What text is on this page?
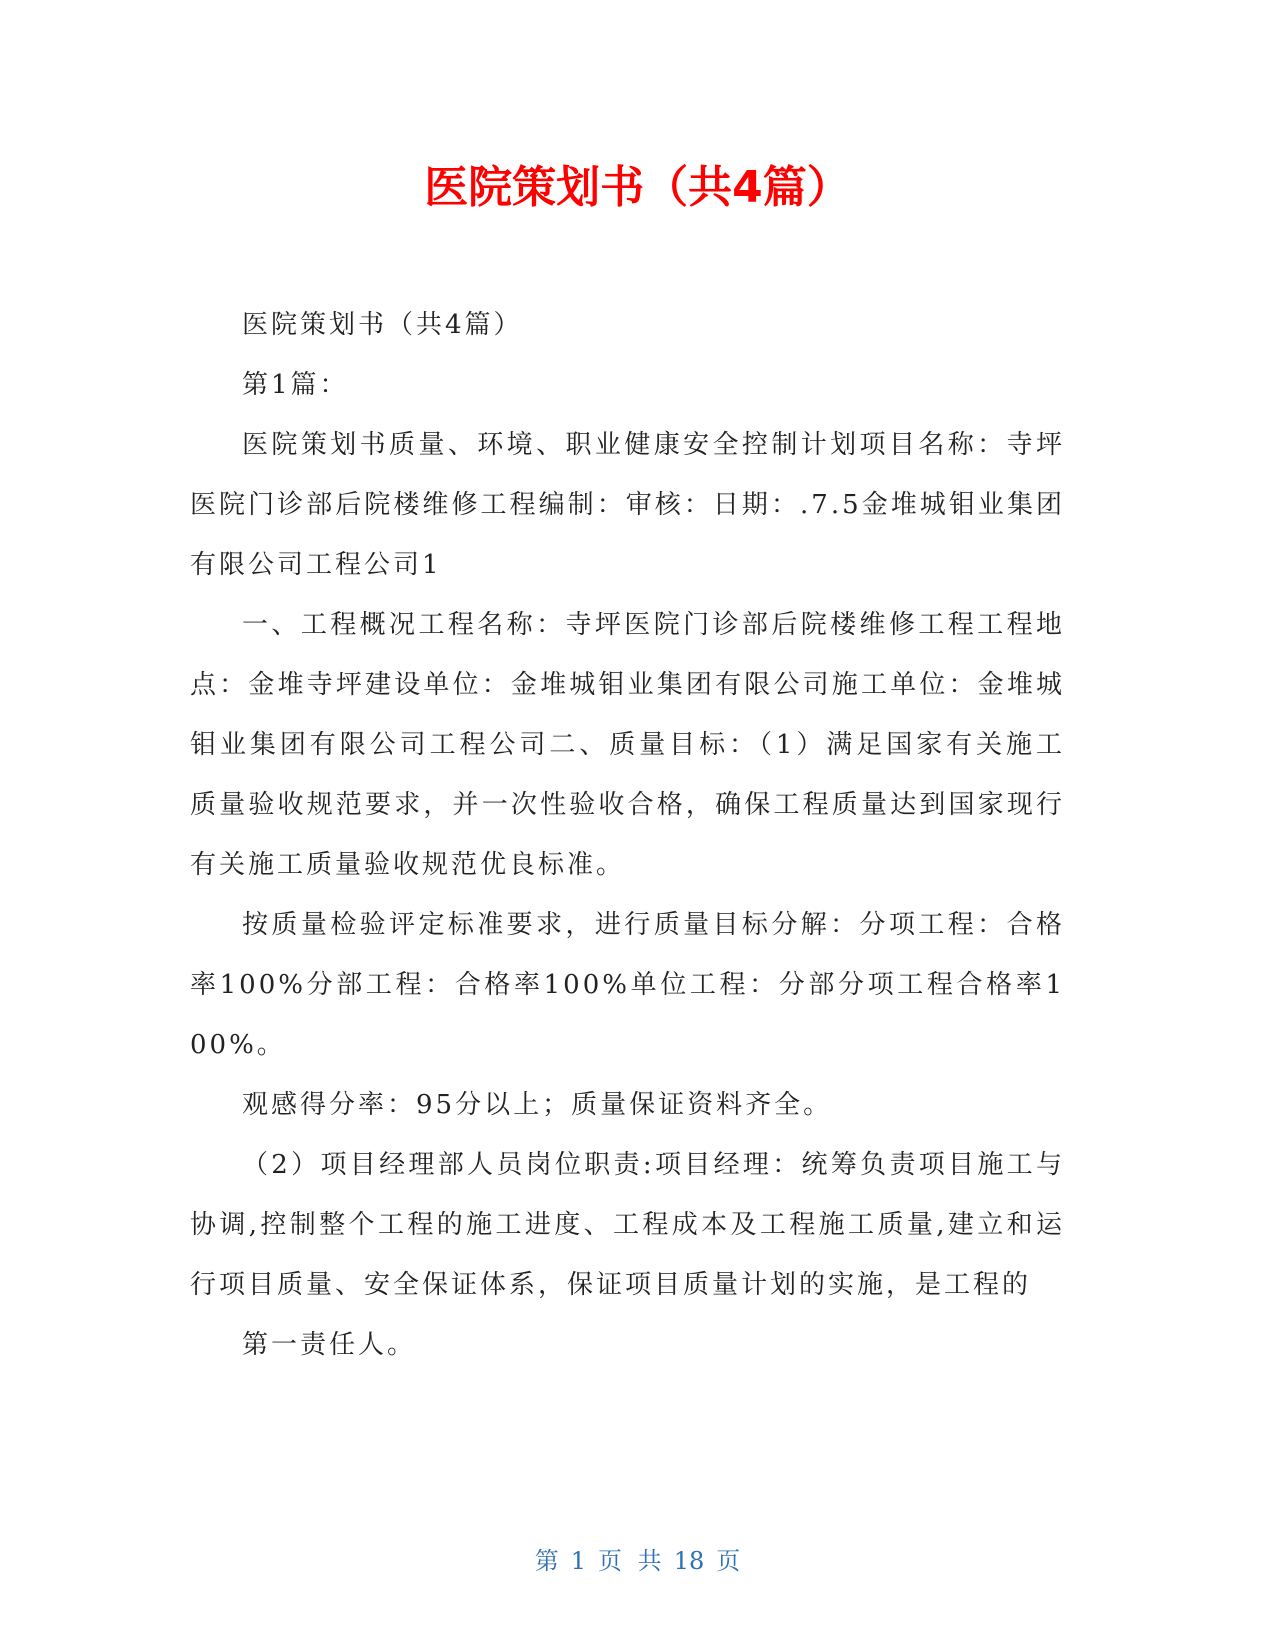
医院策划书（共4篇）

医院策划书（共4篇）

第1篇：

医院策划书质量、环境、职业健康安全控制计划项目名称：寺坪医院门诊部后院楼维修工程编制：审核：日期：.7.5金堆城钼业集团有限公司工程公司1

一、工程概况工程名称：寺坪医院门诊部后院楼维修工程工程地点：金堆寺坪建设单位：金堆城钼业集团有限公司施工单位：金堆城钼业集团有限公司工程公司二、质量目标：（1）满足国家有关施工质量验收规范要求，并一次性验收合格，确保工程质量达到国家现行有关施工质量验收规范优良标准。

按质量检验评定标准要求，进行质量目标分解：分项工程：合格率100%分部工程：合格率100%单位工程：分部分项工程合格率100%。

观感得分率：95分以上；质量保证资料齐全。

（2）项目经理部人员岗位职责:项目经理：统筹负责项目施工与协调,控制整个工程的施工进度、工程成本及工程施工质量,建立和运行项目质量、安全保证体系，保证项目质量计划的实施，是工程的

第一责任人。

第 1 页 共 18 页
